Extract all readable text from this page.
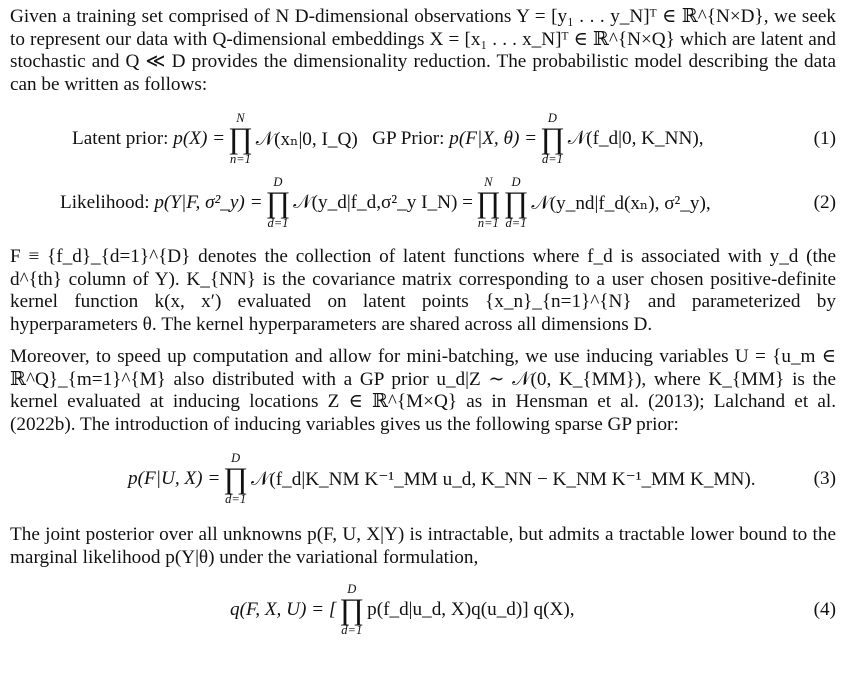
Given a training set comprised of N D-dimensional observations Y = [y₁ . . . y_N]ᵀ ∈ ℝ^{N×D}, we seek to represent our data with Q-dimensional embeddings X = [x₁ . . . x_N]ᵀ ∈ ℝ^{N×Q} which are latent and stochastic and Q ≪ D provides the dimensionality reduction. The probabilistic model describing the data can be written as follows:

Latent prior:
p(X) =
N
∏
n=1
𝒩(xₙ|0, I_Q)
GP Prior:
p(F|X, θ) =
D
∏
d=1
𝒩(f_d|0, K_NN),	(1)
Likelihood:
p(Y|F, σ²_y) =
D
∏
d=1
𝒩(y_d|f_d,σ²_y I_N) =
N
∏
n=1
D
∏
d=1
𝒩(y_nd|f_d(xₙ), σ²_y),	(2)

F ≡ {f_d}_{d=1}^{D} denotes the collection of latent functions where f_d is associated with y_d (the d^{th} column of Y). K_{NN} is the covariance matrix corresponding to a user chosen positive-definite kernel function k(x, x′) evaluated on latent points {x_n}_{n=1}^{N} and parameterized by hyperparameters θ. The kernel hyperparameters are shared across all dimensions D.

Moreover, to speed up computation and allow for mini-batching, we use inducing variables U = {u_m ∈ ℝ^Q}_{m=1}^{M} also distributed with a GP prior u_d|Z ∼ 𝒩(0, K_{MM}), where K_{MM} is the kernel evaluated at inducing locations Z ∈ ℝ^{M×Q} as in Hensman et al. (2013); Lalchand et al. (2022b). The introduction of inducing variables gives us the following sparse GP prior:

p(F|U, X) =
D
∏
d=1
𝒩(f_d|K_NM K⁻¹_MM u_d, K_NN − K_NM K⁻¹_MM K_MN).	(3)

The joint posterior over all unknowns p(F, U, X|Y) is intractable, but admits a tractable lower bound to the marginal likelihood p(Y|θ) under the variational formulation,

q(F, X, U) = [
D
∏
d=1
p(f_d|u_d, X)q(u_d)] q(X),	(4)
